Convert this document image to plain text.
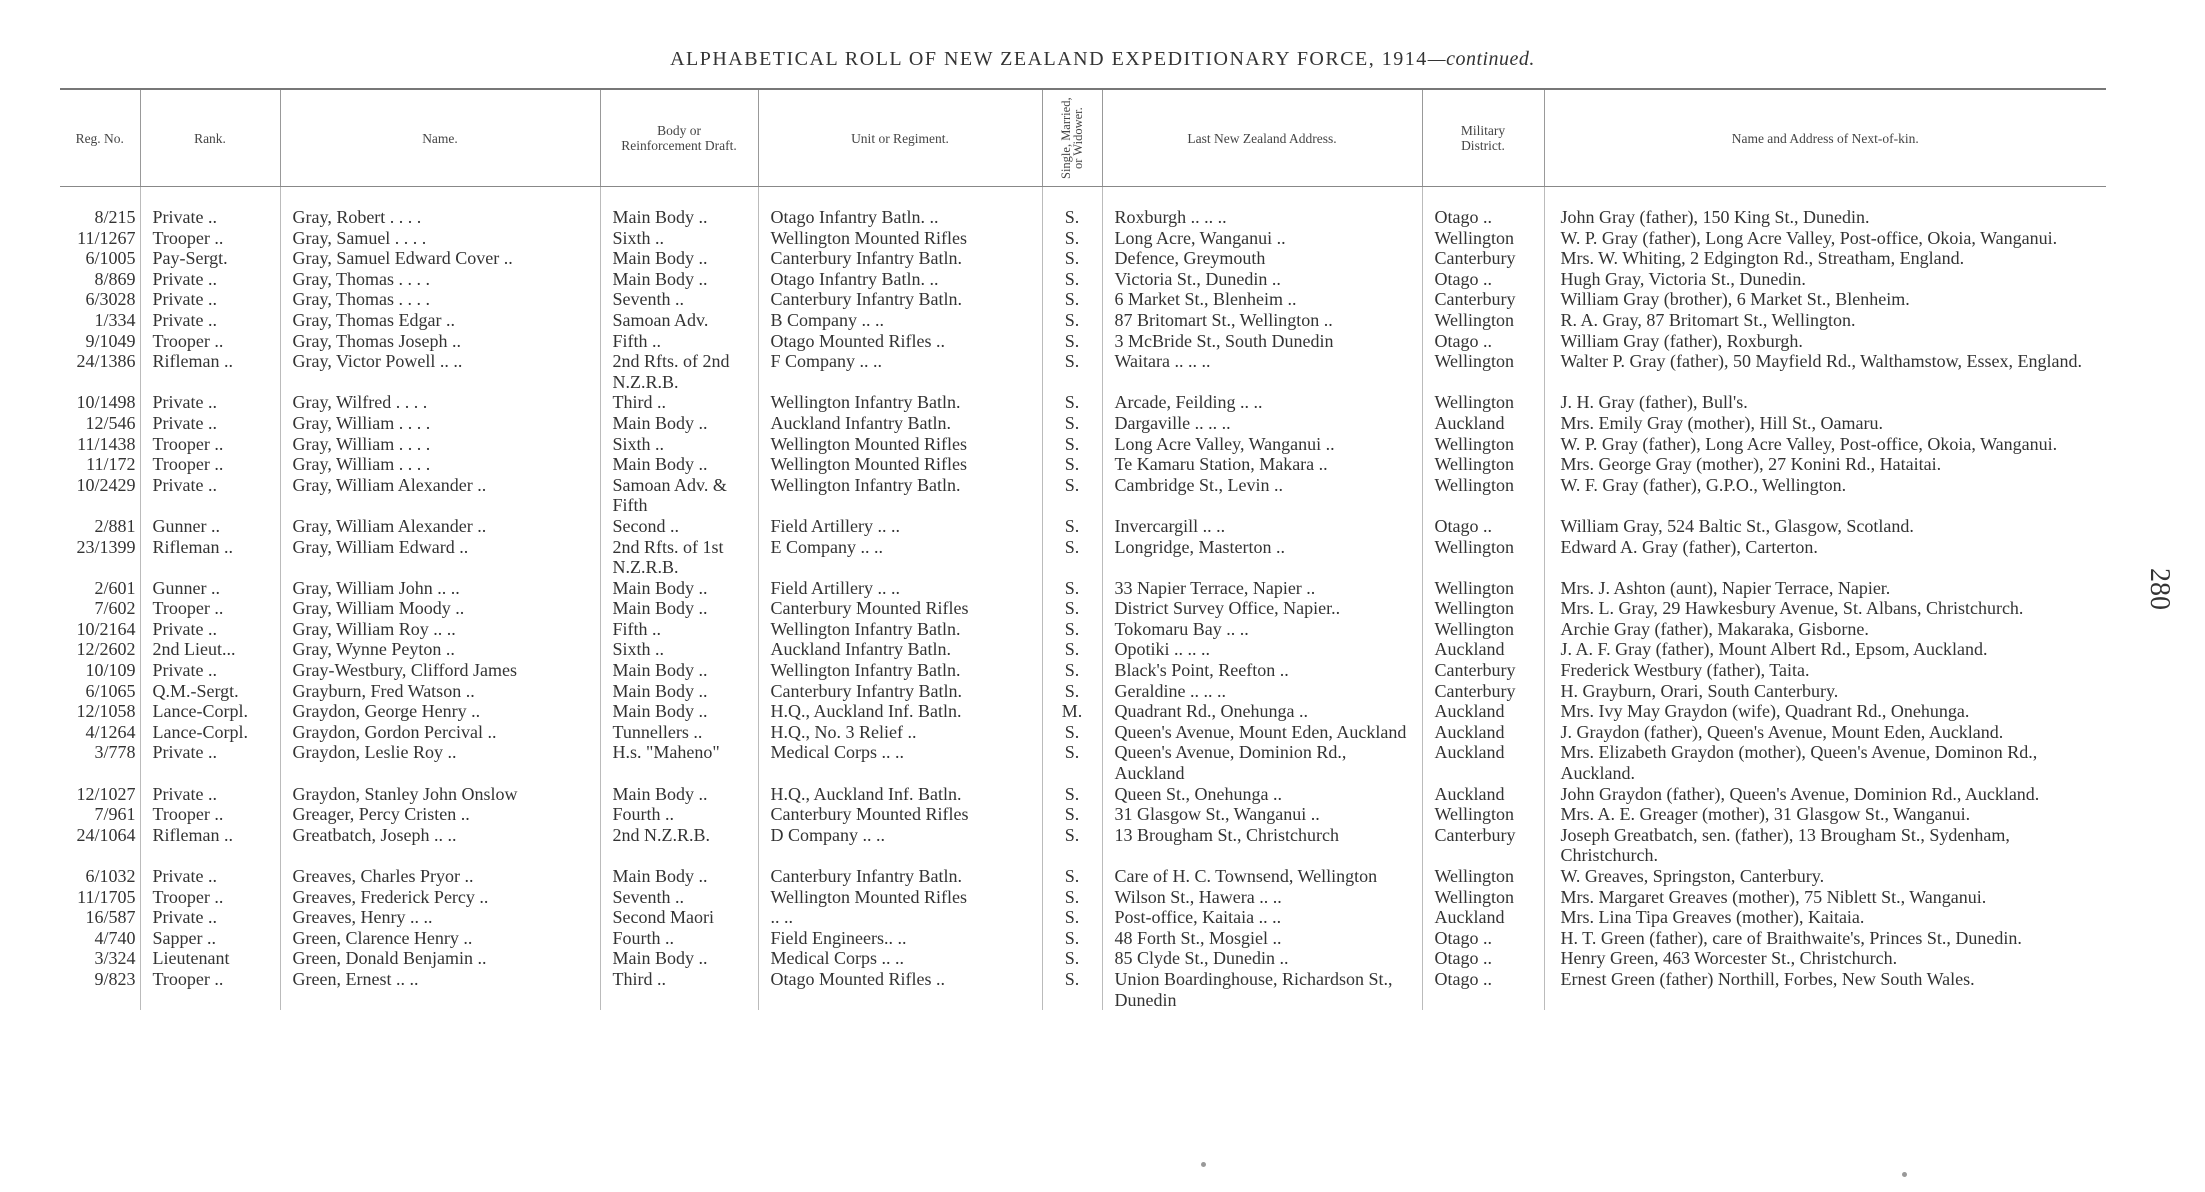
ALPHABETICAL ROLL OF NEW ZEALAND EXPEDITIONARY FORCE, 1914—continued.
280
Reg. No.	Rank.	Name.	Body or Reinforcement Draft.	Unit or Regiment.	Single, Married, or Widower.	Last New Zealand Address.	Military District.	Name and Address of Next-of-kin.
8/215	Private ..	Gray, Robert . . . .	Main Body ..	Otago Infantry Batln. ..	S.	Roxburgh .. .. ..	Otago ..	John Gray (father), 150 King St., Dunedin.
11/1267	Trooper ..	Gray, Samuel . . . .	Sixth ..	Wellington Mounted Rifles	S.	Long Acre, Wanganui ..	Wellington	W. P. Gray (father), Long Acre Valley, Post-office, Okoia, Wanganui.
6/1005	Pay-Sergt.	Gray, Samuel Edward Cover ..	Main Body ..	Canterbury Infantry Batln.	S.	Defence, Greymouth	Canterbury	Mrs. W. Whiting, 2 Edgington Rd., Streatham, England.
8/869	Private ..	Gray, Thomas . . . .	Main Body ..	Otago Infantry Batln. ..	S.	Victoria St., Dunedin ..	Otago ..	Hugh Gray, Victoria St., Dunedin.
6/3028	Private ..	Gray, Thomas . . . .	Seventh ..	Canterbury Infantry Batln.	S.	6 Market St., Blenheim ..	Canterbury	William Gray (brother), 6 Market St., Blenheim.
1/334	Private ..	Gray, Thomas Edgar ..	Samoan Adv.	B Company .. ..	S.	87 Britomart St., Wellington ..	Wellington	R. A. Gray, 87 Britomart St., Wellington.
9/1049	Trooper ..	Gray, Thomas Joseph ..	Fifth ..	Otago Mounted Rifles ..	S.	3 McBride St., South Dunedin	Otago ..	William Gray (father), Roxburgh.
24/1386	Rifleman ..	Gray, Victor Powell .. ..	2nd Rfts. of 2nd N.Z.R.B.	F Company .. ..	S.	Waitara .. .. ..	Wellington	Walter P. Gray (father), 50 Mayfield Rd., Walthamstow, Essex, England.
10/1498	Private ..	Gray, Wilfred . . . .	Third ..	Wellington Infantry Batln.	S.	Arcade, Feilding .. ..	Wellington	J. H. Gray (father), Bull's.
12/546	Private ..	Gray, William . . . .	Main Body ..	Auckland Infantry Batln.	S.	Dargaville .. .. ..	Auckland	Mrs. Emily Gray (mother), Hill St., Oamaru.
11/1438	Trooper ..	Gray, William . . . .	Sixth ..	Wellington Mounted Rifles	S.	Long Acre Valley, Wanganui ..	Wellington	W. P. Gray (father), Long Acre Valley, Post-office, Okoia, Wanganui.
11/172	Trooper ..	Gray, William . . . .	Main Body ..	Wellington Mounted Rifles	S.	Te Kamaru Station, Makara ..	Wellington	Mrs. George Gray (mother), 27 Konini Rd., Hataitai.
10/2429	Private ..	Gray, William Alexander ..	Samoan Adv. & Fifth	Wellington Infantry Batln.	S.	Cambridge St., Levin ..	Wellington	W. F. Gray (father), G.P.O., Wellington.
2/881	Gunner ..	Gray, William Alexander ..	Second ..	Field Artillery .. ..	S.	Invercargill .. ..	Otago ..	William Gray, 524 Baltic St., Glasgow, Scotland.
23/1399	Rifleman ..	Gray, William Edward ..	2nd Rfts. of 1st N.Z.R.B.	E Company .. ..	S.	Longridge, Masterton ..	Wellington	Edward A. Gray (father), Carterton.
2/601	Gunner ..	Gray, William John .. ..	Main Body ..	Field Artillery .. ..	S.	33 Napier Terrace, Napier ..	Wellington	Mrs. J. Ashton (aunt), Napier Terrace, Napier.
7/602	Trooper ..	Gray, William Moody ..	Main Body ..	Canterbury Mounted Rifles	S.	District Survey Office, Napier..	Wellington	Mrs. L. Gray, 29 Hawkesbury Avenue, St. Albans, Christchurch.
10/2164	Private ..	Gray, William Roy .. ..	Fifth ..	Wellington Infantry Batln.	S.	Tokomaru Bay .. ..	Wellington	Archie Gray (father), Makaraka, Gisborne.
12/2602	2nd Lieut...	Gray, Wynne Peyton ..	Sixth ..	Auckland Infantry Batln.	S.	Opotiki .. .. ..	Auckland	J. A. F. Gray (father), Mount Albert Rd., Epsom, Auckland.
10/109	Private ..	Gray-Westbury, Clifford James	Main Body ..	Wellington Infantry Batln.	S.	Black's Point, Reefton ..	Canterbury	Frederick Westbury (father), Taita.
6/1065	Q.M.-Sergt.	Grayburn, Fred Watson ..	Main Body ..	Canterbury Infantry Batln.	S.	Geraldine .. .. ..	Canterbury	H. Grayburn, Orari, South Canterbury.
12/1058	Lance-Corpl.	Graydon, George Henry ..	Main Body ..	H.Q., Auckland Inf. Batln.	M.	Quadrant Rd., Onehunga ..	Auckland	Mrs. Ivy May Graydon (wife), Quadrant Rd., Onehunga.
4/1264	Lance-Corpl.	Graydon, Gordon Percival ..	Tunnellers ..	H.Q., No. 3 Relief ..	S.	Queen's Avenue, Mount Eden, Auckland	Auckland	J. Graydon (father), Queen's Avenue, Mount Eden, Auckland.
3/778	Private ..	Graydon, Leslie Roy ..	H.s. "Maheno"	Medical Corps .. ..	S.	Queen's Avenue, Dominion Rd., Auckland	Auckland	Mrs. Elizabeth Graydon (mother), Queen's Avenue, Dominon Rd., Auckland.
12/1027	Private ..	Graydon, Stanley John Onslow	Main Body ..	H.Q., Auckland Inf. Batln.	S.	Queen St., Onehunga ..	Auckland	John Graydon (father), Queen's Avenue, Dominion Rd., Auckland.
7/961	Trooper ..	Greager, Percy Cristen ..	Fourth ..	Canterbury Mounted Rifles	S.	31 Glasgow St., Wanganui ..	Wellington	Mrs. A. E. Greager (mother), 31 Glasgow St., Wanganui.
24/1064	Rifleman ..	Greatbatch, Joseph .. ..	2nd N.Z.R.B.	D Company .. ..	S.	13 Brougham St., Christchurch	Canterbury	Joseph Greatbatch, sen. (father), 13 Brougham St., Sydenham, Christchurch.
6/1032	Private ..	Greaves, Charles Pryor ..	Main Body ..	Canterbury Infantry Batln.	S.	Care of H. C. Townsend, Wellington	Wellington	W. Greaves, Springston, Canterbury.
11/1705	Trooper ..	Greaves, Frederick Percy ..	Seventh ..	Wellington Mounted Rifles	S.	Wilson St., Hawera .. ..	Wellington	Mrs. Margaret Greaves (mother), 75 Niblett St., Wanganui.
16/587	Private ..	Greaves, Henry .. ..	Second Maori	.. ..	S.	Post-office, Kaitaia .. ..	Auckland	Mrs. Lina Tipa Greaves (mother), Kaitaia.
4/740	Sapper ..	Green, Clarence Henry ..	Fourth ..	Field Engineers.. ..	S.	48 Forth St., Mosgiel ..	Otago ..	H. T. Green (father), care of Braithwaite's, Princes St., Dunedin.
3/324	Lieutenant	Green, Donald Benjamin ..	Main Body ..	Medical Corps .. ..	S.	85 Clyde St., Dunedin ..	Otago ..	Henry Green, 463 Worcester St., Christchurch.
9/823	Trooper ..	Green, Ernest .. ..	Third ..	Otago Mounted Rifles ..	S.	Union Boardinghouse, Richardson St., Dunedin	Otago ..	Ernest Green (father) Northill, Forbes, New South Wales.
